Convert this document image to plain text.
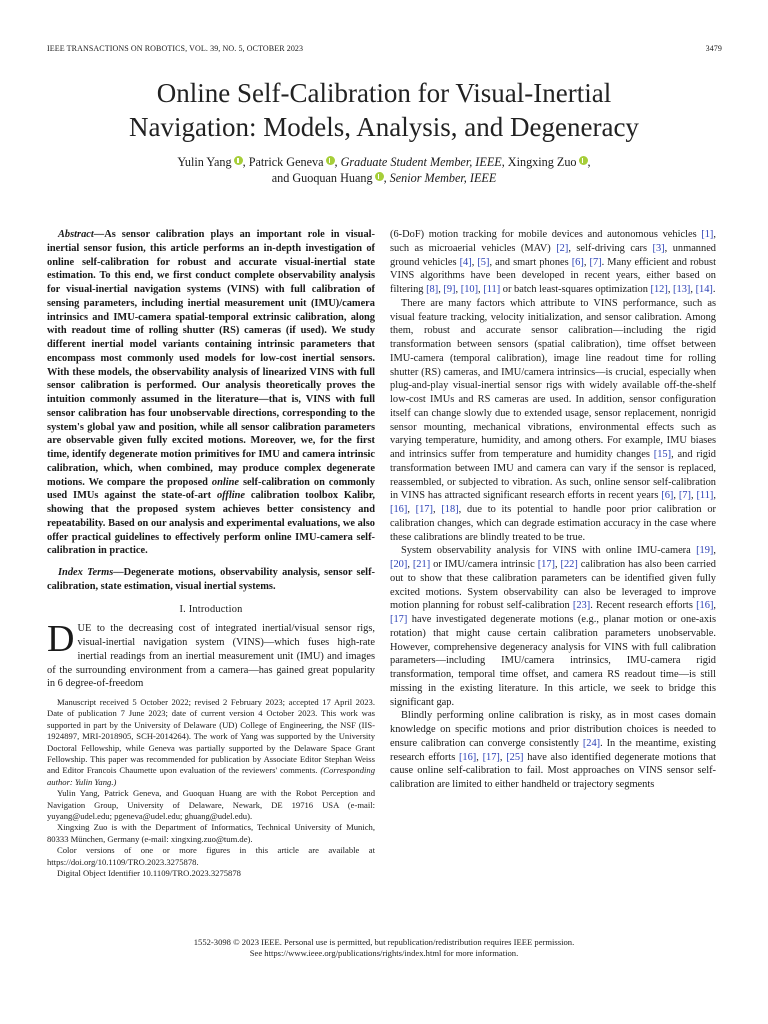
IEEE TRANSACTIONS ON ROBOTICS, VOL. 39, NO. 5, OCTOBER 2023	3479
Online Self-Calibration for Visual-Inertial
Navigation: Models, Analysis, and Degeneracy
Yulin Yang , Patrick Geneva , Graduate Student Member, IEEE, Xingxing Zuo ,
and Guoquan Huang , Senior Member, IEEE

Abstract—As sensor calibration plays an important role in visual-inertial sensor fusion, this article performs an in-depth investigation of online self-calibration for robust and accurate visual-inertial state estimation. To this end, we first conduct complete observability analysis for visual-inertial navigation systems (VINS) with full calibration of sensing parameters, including inertial measurement unit (IMU)/camera intrinsics and IMU-camera spatial-temporal extrinsic calibration, along with readout time of rolling shutter (RS) cameras (if used). We study different inertial model variants containing intrinsic parameters that encompass most commonly used models for low-cost inertial sensors. With these models, the observability analysis of linearized VINS with full sensor calibration is performed. Our analysis theoretically proves the intuition commonly assumed in the literature—that is, VINS with full sensor calibration has four unobservable directions, corresponding to the system's global yaw and position, while all sensor calibration parameters are observable given fully excited motions. Moreover, we, for the first time, identify degenerate motion primitives for IMU and camera intrinsic calibration, which, when combined, may produce complex degenerate motions. We compare the proposed online self-calibration on commonly used IMUs against the state-of-art offline calibration toolbox Kalibr, showing that the proposed system achieves better consistency and repeatability. Based on our analysis and experimental evaluations, we also offer practical guidelines to effectively perform online IMU-camera self-calibration in practice.

Index Terms—Degenerate motions, observability analysis, sensor self-calibration, state estimation, visual inertial systems.

I. Introduction

DUE to the decreasing cost of integrated inertial/visual sensor rigs, visual-inertial navigation system (VINS)—which fuses high-rate inertial readings from an inertial measurement unit (IMU) and images of the surrounding environment from a camera—has gained great popularity in 6 degree-of-freedom

Manuscript received 5 October 2022; revised 2 February 2023; accepted 17 April 2023. Date of publication 7 June 2023; date of current version 4 October 2023. This work was supported in part by the University of Delaware (UD) College of Engineering, the NSF (IIS-1924897, MRI-2018905, SCH-2014264). The work of Yang was supported by the University Doctoral Fellowship, while Geneva was partially supported by the Delaware Space Grant Fellowship. This paper was recommended for publication by Associate Editor Stephan Weiss and Editor Francois Chaumette upon evaluation of the reviewers' comments. (Corresponding author: Yulin Yang.)

Yulin Yang, Patrick Geneva, and Guoquan Huang are with the Robot Perception and Navigation Group, University of Delaware, Newark, DE 19716 USA (e-mail: yuyang@udel.edu; pgeneva@udel.edu; ghuang@udel.edu).

Xingxing Zuo is with the Department of Informatics, Technical University of Munich, 80333 München, Germany (e-mail: xingxing.zuo@tum.de).

Color versions of one or more figures in this article are available at https://doi.org/10.1109/TRO.2023.3275878.

Digital Object Identifier 10.1109/TRO.2023.3275878

(6-DoF) motion tracking for mobile devices and autonomous vehicles [1], such as microaerial vehicles (MAV) [2], self-driving cars [3], unmanned ground vehicles [4], [5], and smart phones [6], [7]. Many efficient and robust VINS algorithms have been developed in recent years, either based on filtering [8], [9], [10], [11] or batch least-squares optimization [12], [13], [14].

There are many factors which attribute to VINS performance, such as visual feature tracking, velocity initialization, and sensor calibration. Among them, robust and accurate sensor calibration—including the rigid transformation between sensors (spatial calibration), time offset between IMU-camera (temporal calibration), image line readout time for rolling shutter (RS) cameras, and IMU/camera intrinsics—is crucial, especially when plug-and-play visual-inertial sensor rigs with widely available off-the-shelf low-cost IMUs and RS cameras are used. In addition, sensor configuration itself can change slowly due to extended usage, sensor replacement, nonrigid sensor mounting, mechanical vibrations, environmental effects such as varying temperature, humidity, and among others. For example, IMU biases and intrinsics suffer from temperature and humidity changes [15], and rigid transformation between IMU and camera can vary if the sensor is replaced, reassembled, or subjected to vibration. As such, online sensor self-calibration in VINS has attracted significant research efforts in recent years [6], [7], [11], [16], [17], [18], due to its potential to handle poor prior calibration or calibration changes, which can degrade estimation accuracy in the case where these calibrations are blindly treated to be true.

System observability analysis for VINS with online IMU-camera [19], [20], [21] or IMU/camera intrinsic [17], [22] calibration has also been carried out to show that these calibration parameters can be identified given fully excited motions. System observability can also be leveraged to improve motion planning for robust self-calibration [23]. Recent research efforts [16], [17] have investigated degenerate motions (e.g., planar motion or one-axis rotation) that might cause certain calibration parameters unobservable. However, comprehensive degeneracy analysis for VINS with full calibration parameters—including IMU/camera intrinsics, IMU-camera rigid transformation, temporal time offset, and camera RS readout time—is still missing in the existing literature. In this article, we seek to bridge this significant gap.

Blindly performing online calibration is risky, as in most cases domain knowledge on specific motions and prior distribution choices is needed to ensure calibration can converge consistently [24]. In the meantime, existing research efforts [16], [17], [25] have also identified degenerate motions that cause online self-calibration to fail. Most approaches on VINS sensor self-calibration are limited to either handheld or trajectory segments

1552-3098 © 2023 IEEE. Personal use is permitted, but republication/redistribution requires IEEE permission.
See https://www.ieee.org/publications/rights/index.html for more information.
